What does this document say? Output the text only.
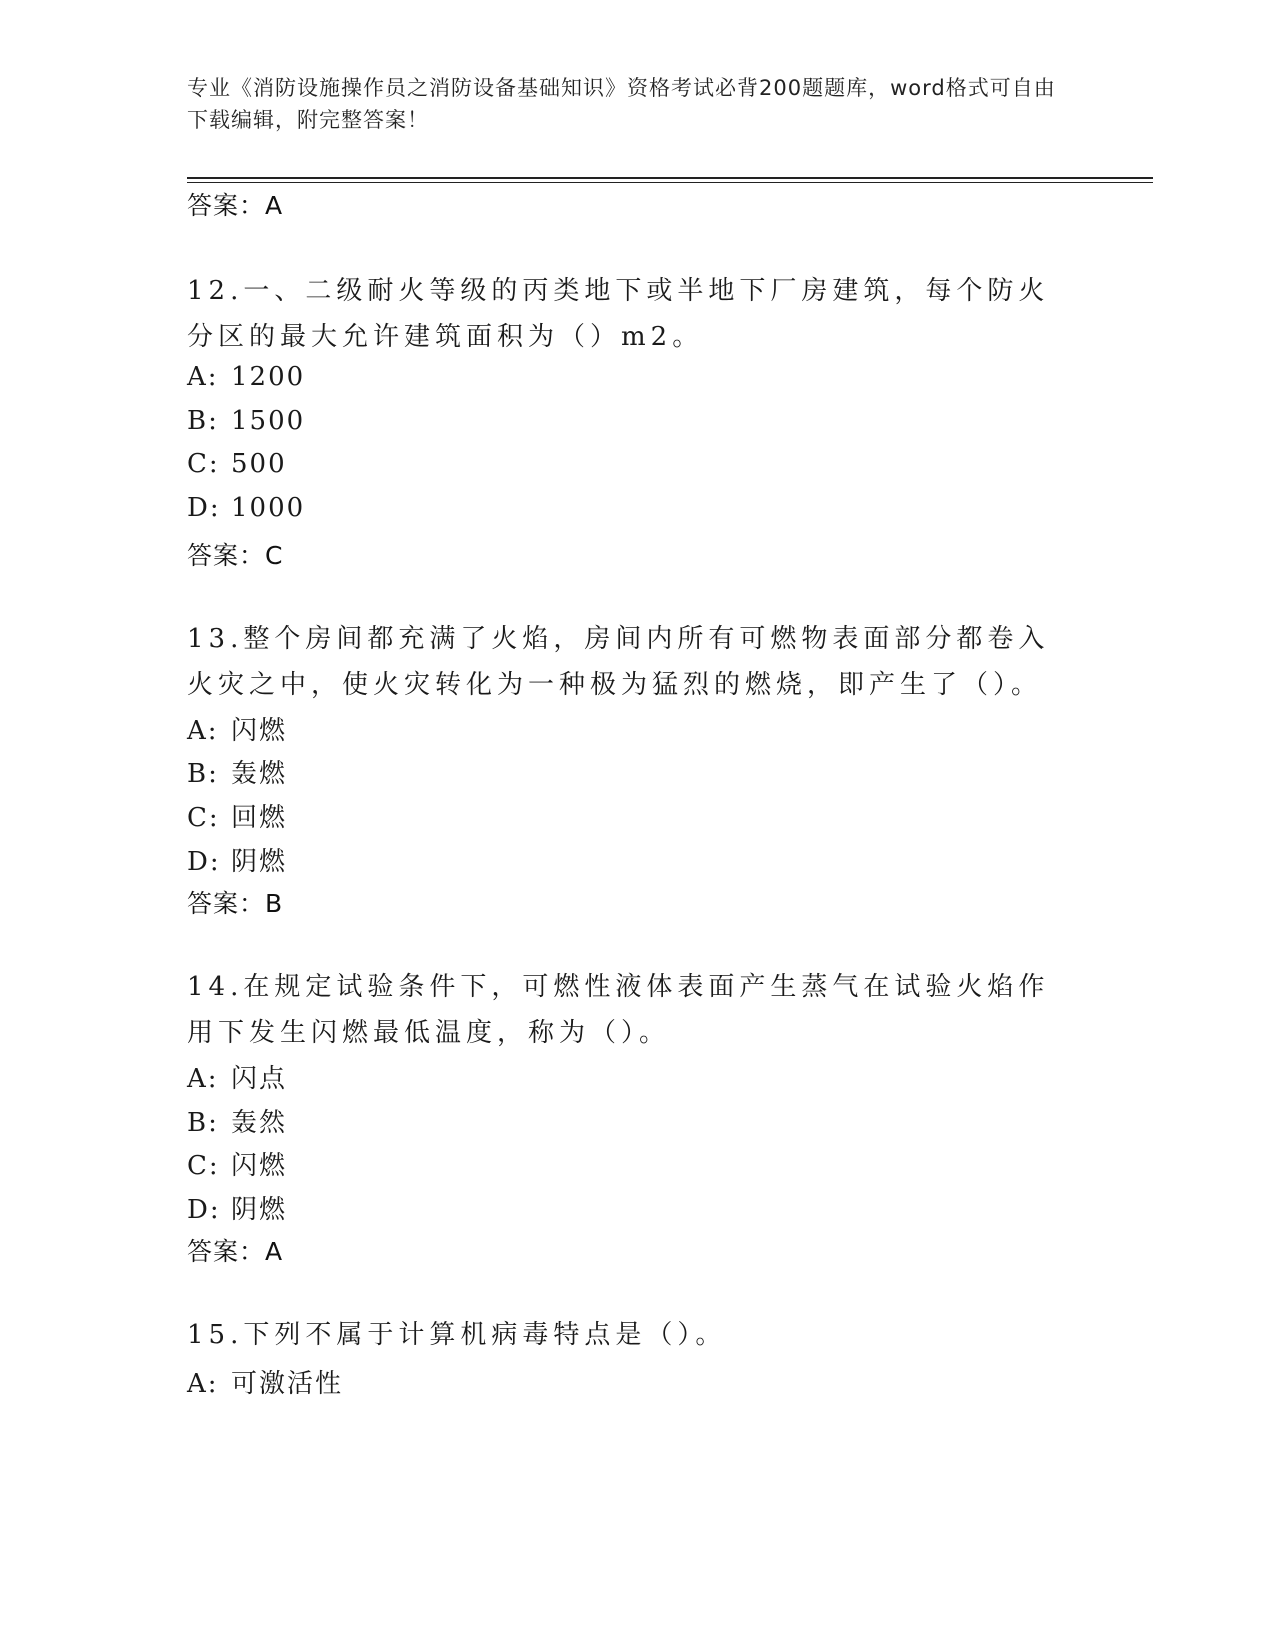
专业《消防设施操作员之消防设备基础知识》资格考试必背200题题库，word格式可自由下载编辑，附完整答案！
答案：A
12.一、二级耐火等级的丙类地下或半地下厂房建筑，每个防火分区的最大允许建筑面积为（）m2。
A: 1200
B: 1500
C: 500
D: 1000
答案：C
13.整个房间都充满了火焰，房间内所有可燃物表面部分都卷入火灾之中，使火灾转化为一种极为猛烈的燃烧，即产生了（）。
A: 闪燃
B: 轰燃
C: 回燃
D: 阴燃
答案：B
14.在规定试验条件下，可燃性液体表面产生蒸气在试验火焰作用下发生闪燃最低温度，称为（）。
A: 闪点
B: 轰然
C: 闪燃
D: 阴燃
答案：A
15.下列不属于计算机病毒特点是（）。
A: 可激活性
